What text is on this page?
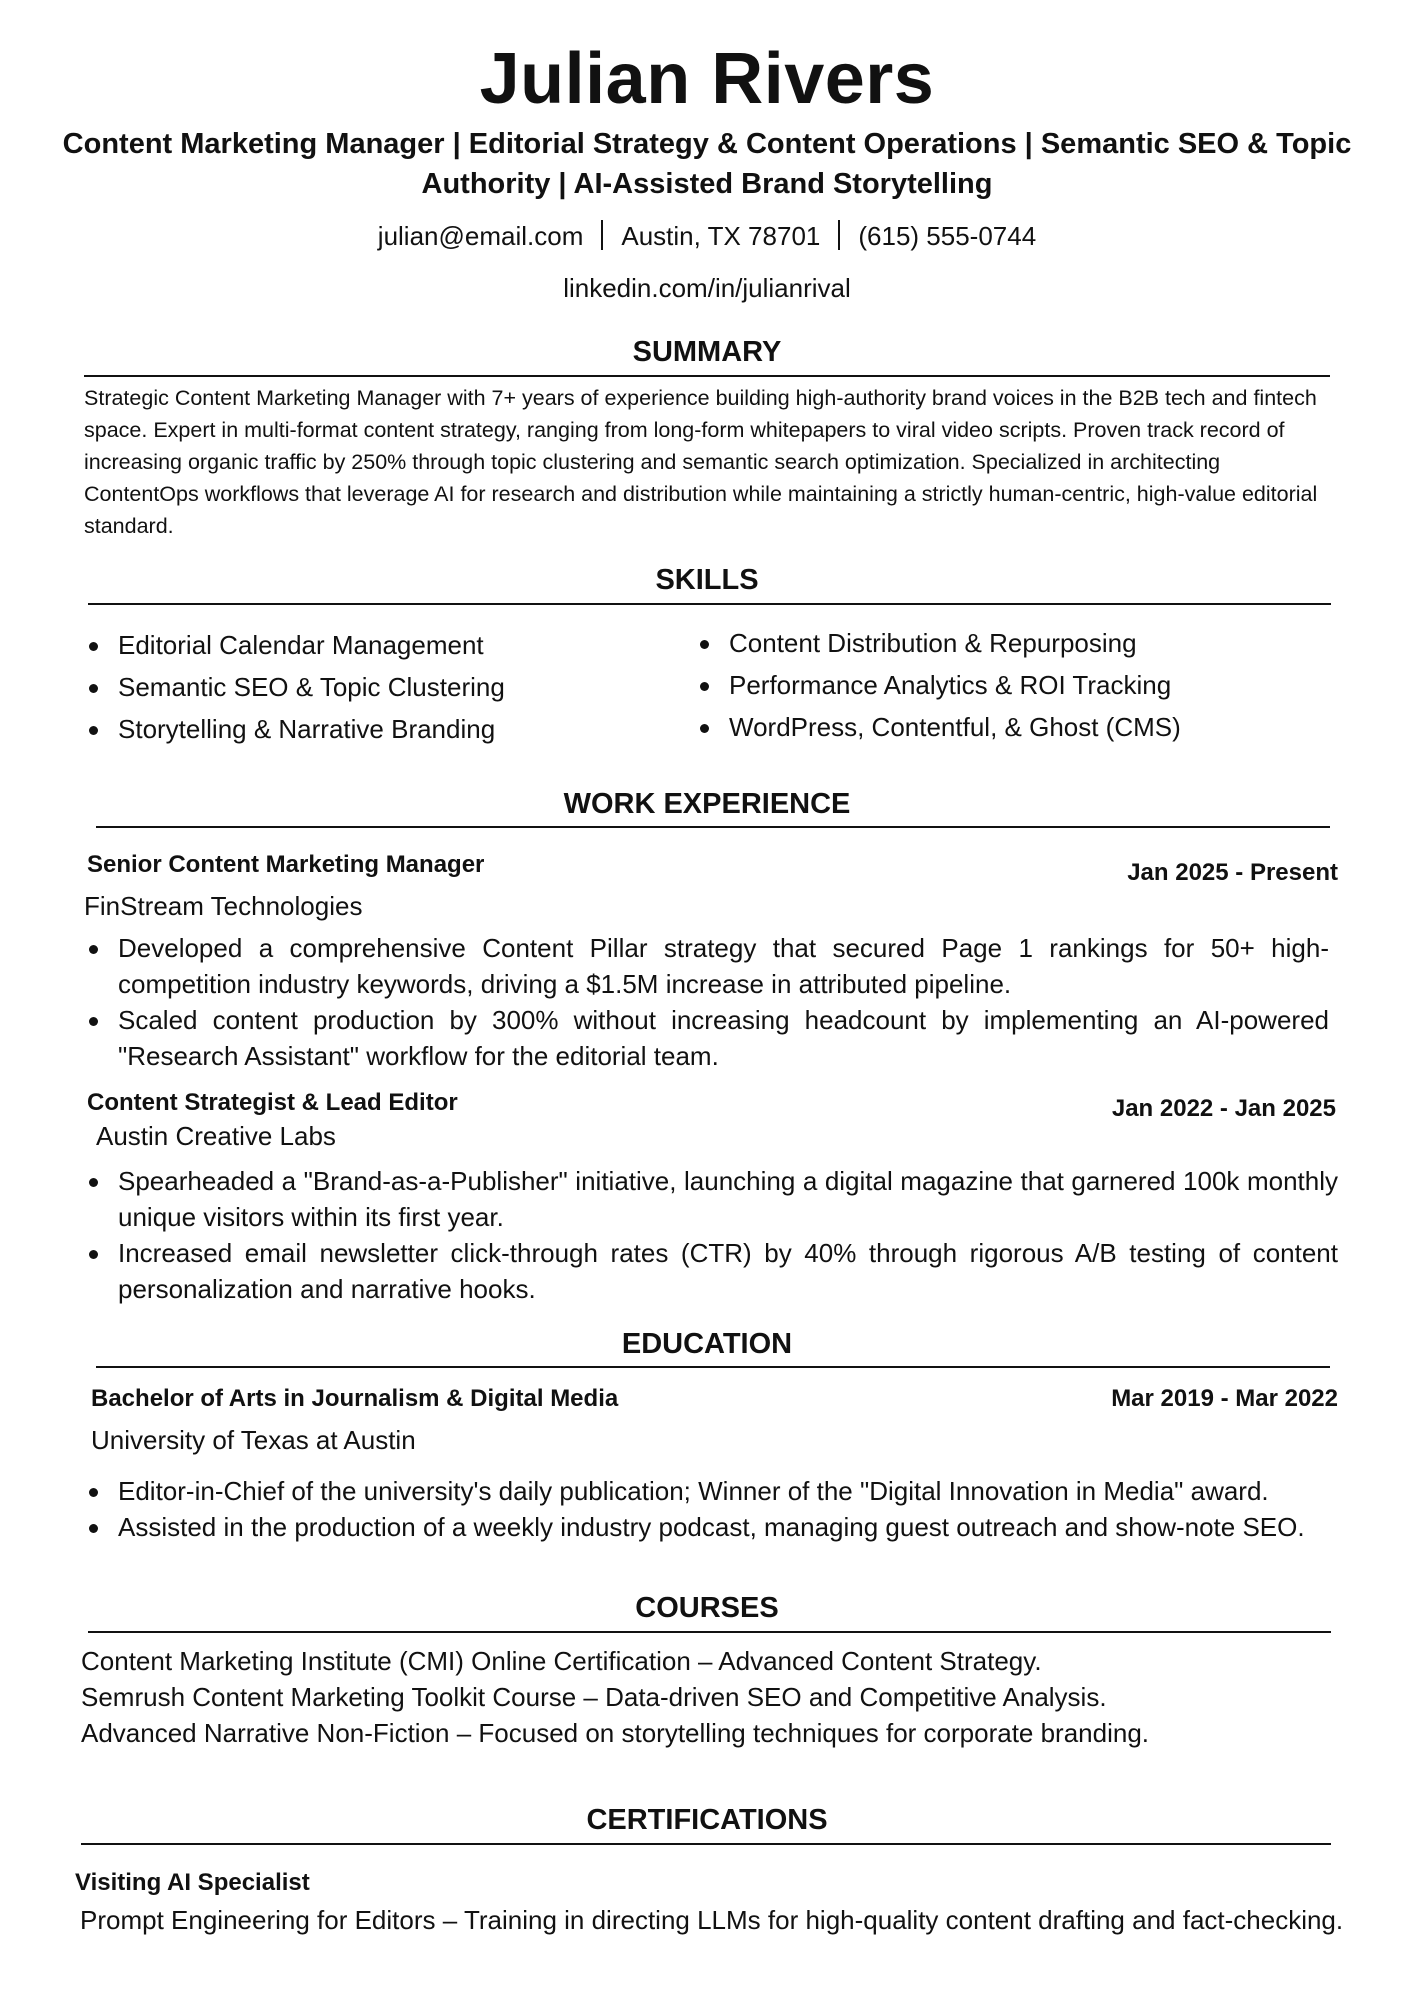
Julian Rivers
Content Marketing Manager | Editorial Strategy & Content Operations | Semantic SEO & Topic Authority | AI-Assisted Brand Storytelling
julian@email.com Austin, TX 78701 (615) 555-0744
linkedin.com/in/julianrival
SUMMARY
Strategic Content Marketing Manager with 7+ years of experience building high-authority brand voices in the B2B tech and fintech space. Expert in multi-format content strategy, ranging from long-form whitepapers to viral video scripts. Proven track record of increasing organic traffic by 250% through topic clustering and semantic search optimization. Specialized in architecting ContentOps workflows that leverage AI for research and distribution while maintaining a strictly human-centric, high-value editorial standard.
SKILLS
Editorial Calendar Management
Semantic SEO & Topic Clustering
Storytelling & Narrative Branding
Content Distribution & Repurposing
Performance Analytics & ROI Tracking
WordPress, Contentful, & Ghost (CMS)
WORK EXPERIENCE
Senior Content Marketing Manager	Jan 2025 - Present
FinStream Technologies
Developed a comprehensive Content Pillar strategy that secured Page 1 rankings for 50+ high-competition industry keywords, driving a $1.5M increase in attributed pipeline.
Scaled content production by 300% without increasing headcount by implementing an AI-powered "Research Assistant" workflow for the editorial team.
Content Strategist & Lead Editor	Jan 2022 - Jan 2025
Austin Creative Labs
Spearheaded a "Brand-as-a-Publisher" initiative, launching a digital magazine that garnered 100k monthly unique visitors within its first year.
Increased email newsletter click-through rates (CTR) by 40% through rigorous A/B testing of content personalization and narrative hooks.
EDUCATION
Bachelor of Arts in Journalism & Digital Media	Mar 2019 - Mar 2022
University of Texas at Austin
Editor-in-Chief of the university's daily publication; Winner of the "Digital Innovation in Media" award.
Assisted in the production of a weekly industry podcast, managing guest outreach and show-note SEO.
COURSES
Content Marketing Institute (CMI) Online Certification – Advanced Content Strategy.
Semrush Content Marketing Toolkit Course – Data-driven SEO and Competitive Analysis.
Advanced Narrative Non-Fiction – Focused on storytelling techniques for corporate branding.
CERTIFICATIONS
Visiting AI Specialist
Prompt Engineering for Editors – Training in directing LLMs for high-quality content drafting and fact-checking.
